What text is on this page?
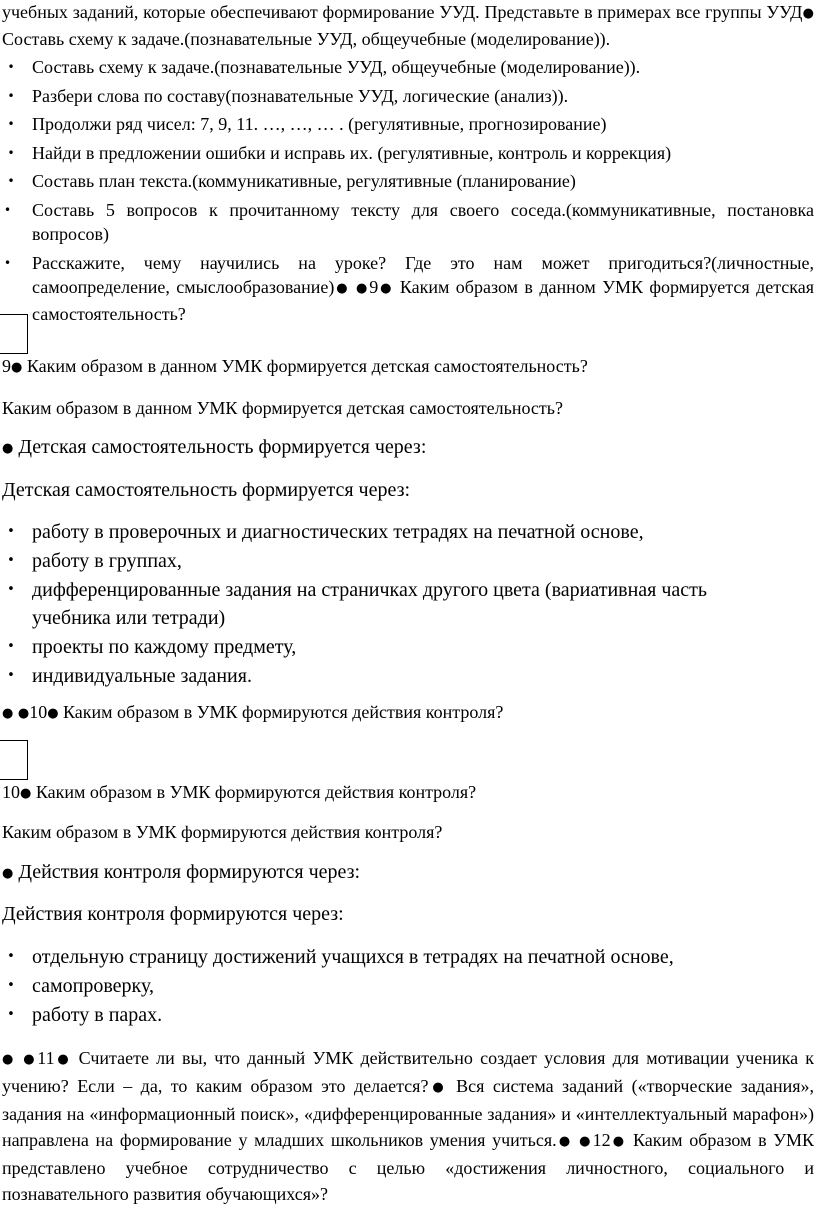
учебных заданий, которые обеспечивают формирование УУД. Представьте в примерах все группы УУД● Составь схему к задаче.(познавательные УУД, общеучебные (моделирование)).

• Составь схему к задаче.(познавательные УУД, общеучебные (моделирование)).
• Разбери слова по составу(познавательные УУД, логические (анализ)).
• Продолжи ряд чисел: 7, 9, 11. …, …, … . (регулятивные, прогнозирование)
• Найди в предложении ошибки и исправь их. (регулятивные, контроль и коррекция)
• Составь план текста.(коммуникативные, регулятивные (планирование)
•	Составь 5 вопросов к прочитанному тексту для своего соседа.(коммуникативные, постановка вопросов)
•	Расскажите, чему научились на уроке? Где это нам может пригодиться?(личностные, самоопределение, смыслообразование)● ●9● Каким образом в данном УМК формируется детская самостоятельность?

9● Каким образом в данном УМК формируется детская самостоятельность?

Каким образом в данном УМК формируется детская самостоятельность?

● Детская самостоятельность формируется через:

Детская самостоятельность формируется через:

• работу в проверочных и диагностических тетрадях на печатной основе,
• работу в группах,
• дифференцированные задания на страничках другого цвета (вариативная часть учебника или тетради)
• проекты по каждому предмету,
• индивидуальные задания.

● ●10● Каким образом в УМК формируются действия контроля?

10● Каким образом в УМК формируются действия контроля?

Каким образом в УМК формируются действия контроля?

● Действия контроля формируются через:

Действия контроля формируются через:

• отдельную страницу достижений учащихся в тетрадях на печатной основе,
• самопроверку,
• работу в парах.

● ●11● Считаете ли вы, что данный УМК действительно создает условия для мотивации ученика к учению? Если – да, то каким образом это делается?● Вся система заданий («творческие задания», задания на «информационный поиск», «дифференцированные задания» и «интеллектуальный марафон») направлена на формирование у младших школьников умения учиться.● ●12● Каким образом в УМК представлено учебное сотрудничество с целью «достижения личностного, социального и познавательного развития обучающихся»?
